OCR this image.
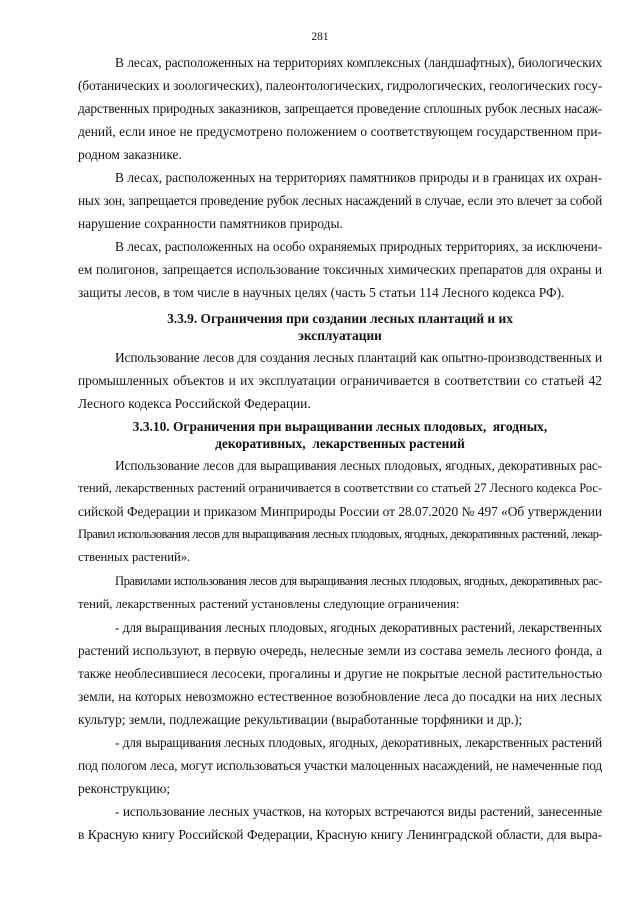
281
В лесах, расположенных на территориях комплексных (ландшафтных), биологических
(ботанических и зоологических), палеонтологических, гидрологических, геологических госу-
дарственных природных заказников, запрещается проведение сплошных рубок лесных насаж-
дений, если иное не предусмотрено положением о соответствующем государственном при-
родном заказнике.
В лесах, расположенных на территориях памятников природы и в границах их охран-
ных зон, запрещается проведение рубок лесных насаждений в случае, если это влечет за собой
нарушение сохранности памятников природы.
В лесах, расположенных на особо охраняемых природных территориях, за исключени-
ем полигонов, запрещается использование токсичных химических препаратов для охраны и
защиты лесов, в том числе в научных целях (часть 5 статьи 114 Лесного кодекса РФ).
3.3.9. Ограничения при создании лесных плантаций и их
эксплуатации
Использование лесов для создания лесных плантаций как опытно-производственных и
промышленных объектов и их эксплуатации ограничивается в соответствии со статьей 42
Лесного кодекса Российской Федерации.
3.3.10. Ограничения при выращивании лесных плодовых,  ягодных,
декоративных,  лекарственных растений
Использование лесов для выращивания лесных плодовых, ягодных, декоративных рас-
тений, лекарственных растений ограничивается в соответствии со статьей 27 Лесного кодекса Рос-
сийской Федерации и приказом Минприроды России от 28.07.2020 № 497 «Об утверждении
Правил использования лесов для выращивания лесных плодовых, ягодных, декоративных растений, лекар-
ственных растений».
Правилами использования лесов для выращивания лесных плодовых, ягодных, декоративных рас-
тений, лекарственных растений установлены следующие ограничения:
- для выращивания лесных плодовых, ягодных декоративных растений, лекарственных
растений используют, в первую очередь, нелесные земли из состава земель лесного фонда, а
также необлесившиеся лесосеки, прогалины и другие не покрытые лесной растительностью
земли, на которых невозможно естественное возобновление леса до посадки на них лесных
культур; земли, подлежащие рекультивации (выработанные торфяники и др.);
- для выращивания лесных плодовых, ягодных, декоративных, лекарственных растений
под пологом леса, могут использоваться участки малоценных насаждений, не намеченные под
реконструкцию;
- использование лесных участков, на которых встречаются виды растений, занесенные
в Красную книгу Российской Федерации, Красную книгу Ленинградской области, для выра-
